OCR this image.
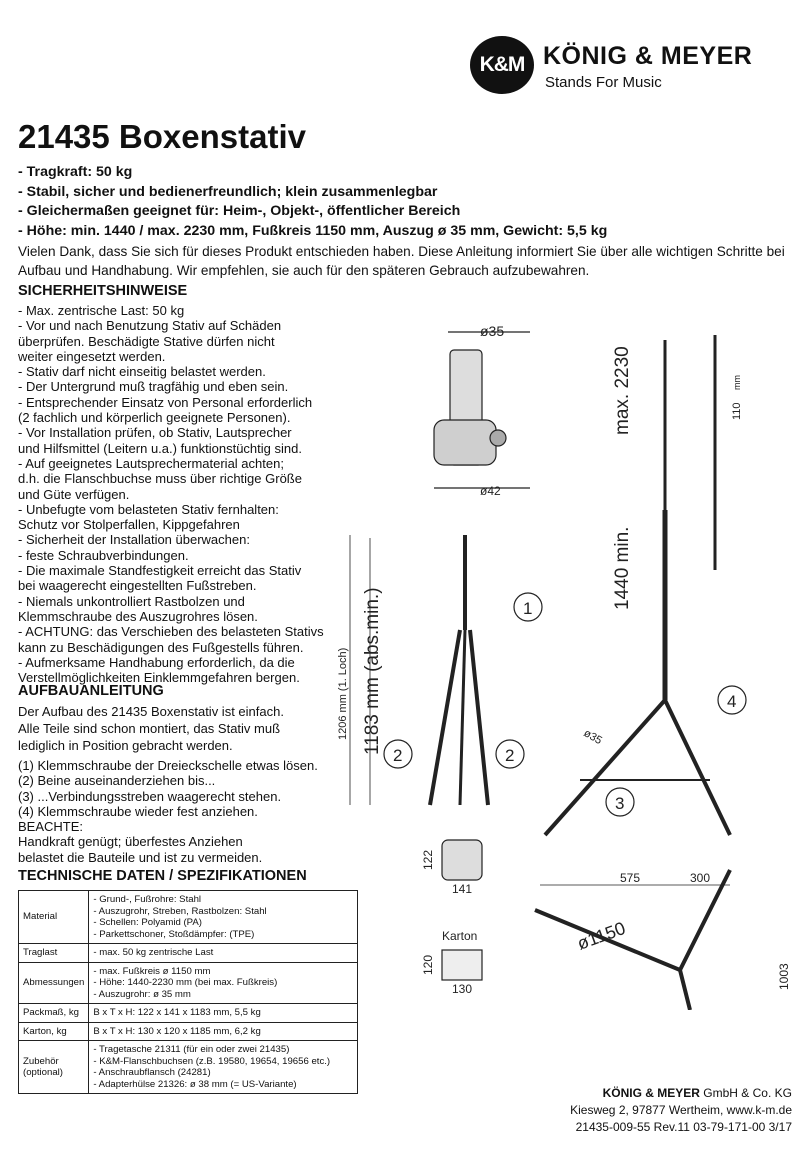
K&M KÖNIG & MEYER
Stands For Music
21435 Boxenstativ
- Tragkraft: 50 kg
- Stabil, sicher und bedienerfreundlich; klein zusammenlegbar
- Gleichermaßen geeignet für: Heim-, Objekt-, öffentlicher Bereich
- Höhe: min. 1440 / max. 2230 mm, Fußkreis 1150 mm, Auszug ø 35 mm, Gewicht: 5,5 kg
Vielen Dank, dass Sie sich für dieses Produkt entschieden haben. Diese Anleitung informiert Sie über alle wichtigen Schritte bei Aufbau und Handhabung. Wir empfehlen, sie auch für den späteren Gebrauch aufzubewahren.
SICHERHEITSHINWEISE
- Max. zentrische Last: 50 kg
- Vor und nach Benutzung Stativ auf Schäden
überprüfen. Beschädigte Stative dürfen nicht
weiter eingesetzt werden.
- Stativ darf nicht einseitig belastet werden.
- Der Untergrund muß tragfähig und eben sein.
- Entsprechender Einsatz von Personal erforderlich
(2 fachlich und körperlich geeignete Personen).
- Vor Installation prüfen, ob Stativ, Lautsprecher
und Hilfsmittel (Leitern u.a.) funktionstüchtig sind.
- Auf geeignetes Lautsprechermaterial achten;
d.h. die Flanschbuchse muss über richtige Größe
und Güte verfügen.
- Unbefugte vom belasteten Stativ fernhalten:
Schutz vor Stolperfallen, Kippgefahren
- Sicherheit der Installation überwachen:
- feste Schraubverbindungen.
- Die maximale Standfestigkeit erreicht das Stativ
bei waagerecht eingestellten Fußstreben.
- Niemals unkontrolliert Rastbolzen und
Klemmschraube des Auszugrohres lösen.
- ACHTUNG: das Verschieben des belasteten Stativs
kann zu Beschädigungen des Fußgestells führen.
- Aufmerksame Handhabung erforderlich, da die
Verstellmöglichkeiten Einklemmgefahren bergen.
AUFBAUANLEITUNG
Der Aufbau des 21435 Boxenstativ ist einfach.
Alle Teile sind schon montiert, das Stativ muß
lediglich in Position gebracht werden.
(1) Klemmschraube der Dreieckschelle etwas lösen.
(2) Beine auseinanderziehen bis...
(3) ...Verbindungsstreben waagerecht stehen.
(4) Klemmschraube wieder fest anziehen.
BEACHTE:
Handkraft genügt; überfestes Anziehen
belastet die Bauteile und ist zu vermeiden.
TECHNISCHE DATEN / SPEZIFIKATIONEN
Material	- Grund-, Fußrohre: Stahl
- Auszugrohr, Streben, Rastbolzen: Stahl
- Schellen: Polyamid (PA)
- Parkettschoner, Stoßdämpfer: (TPE)

Traglast	- max. 50 kg zentrische Last

Abmessungen	- max. Fußkreis ø 1150 mm
- Höhe: 1440-2230 mm (bei max. Fußkreis)
- Auszugrohr: ø 35 mm

Packmaß, kg	B x T x H: 122 x 141 x 1183 mm, 5,5 kg

Karton, kg	B x T x H: 130 x 120 x 1185 mm, 6,2 kg

Zubehör (optional)	- Tragetasche 21311 (für ein oder zwei 21435)
- K&M-Flanschbuchsen (z.B. 19580, 19654, 19656 etc.)
- Anschraubflansch (24281)
- Adapterhülse 21326: ø 38 mm (= US-Variante)
ø35
ø42
1206 mm (1. Loch) 1183 mm (abs.min.)	1
2	2
max. 2230
1440 min.
110
mm
ø35
3
4
122
141
Karton
120
130
575	300
ø1150
1003
KÖNIG & MEYER GmbH & Co. KG
Kiesweg 2, 97877 Wertheim, www.k-m.de
21435-009-55 Rev.11 03-79-171-00 3/17
